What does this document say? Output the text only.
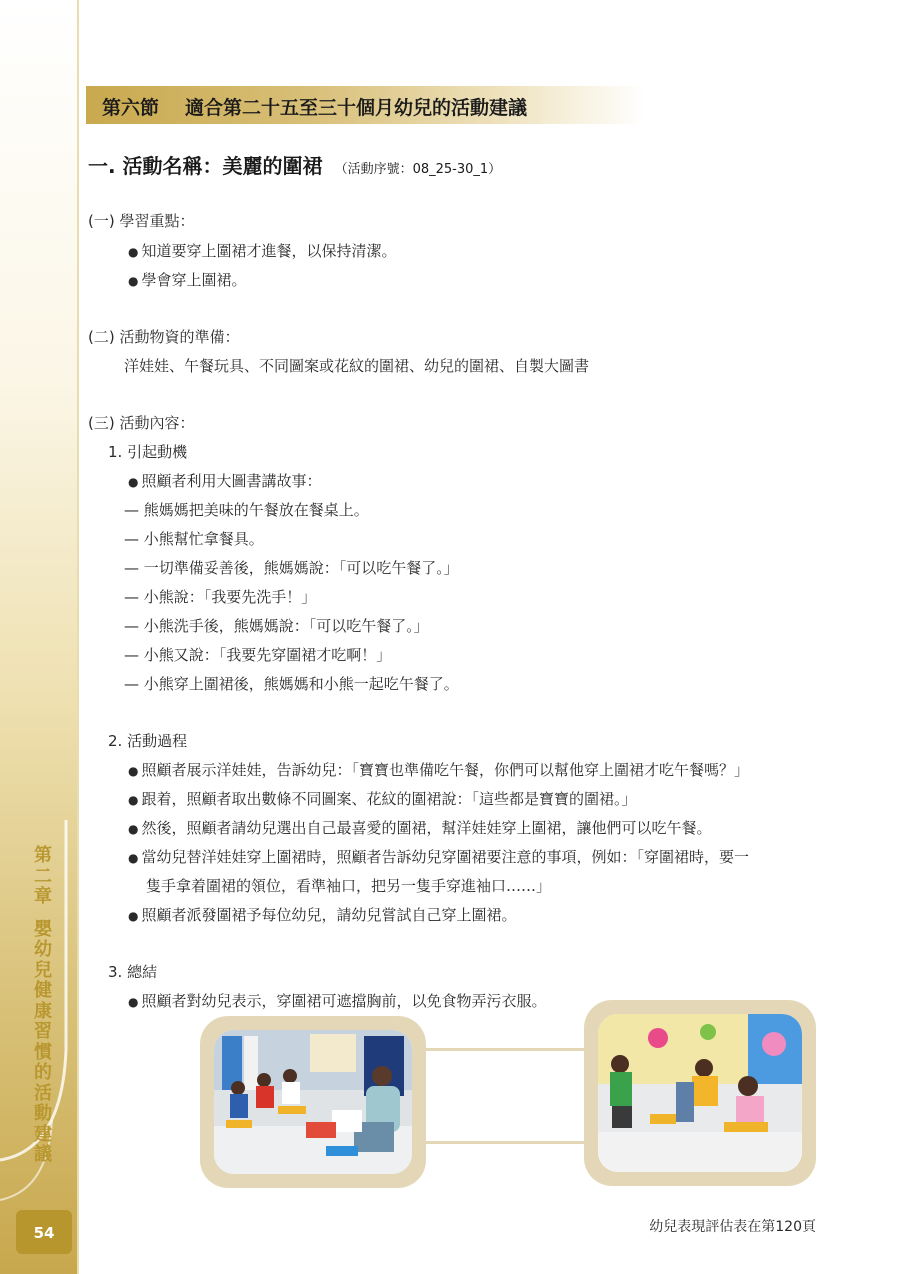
第
二
章
嬰
幼
兒
健
康
習
慣
的
活
動
建
議
54
第六節 適合第二十五至三十個月幼兒的活動建議
一. 活動名稱：美麗的圍裙 （活動序號：08_25-30_1）
(一) 學習重點：
● 知道要穿上圍裙才進餐，以保持清潔。
● 學會穿上圍裙。
(二) 活動物資的準備：
洋娃娃、午餐玩具、不同圖案或花紋的圍裙、幼兒的圍裙、自製大圖書
(三) 活動內容：
1. 引起動機
● 照顧者利用大圖書講故事：
— 熊媽媽把美味的午餐放在餐桌上。
— 小熊幫忙拿餐具。
— 一切準備妥善後，熊媽媽說：「可以吃午餐了。」
— 小熊說：「我要先洗手！」
— 小熊洗手後，熊媽媽說：「可以吃午餐了。」
— 小熊又說：「我要先穿圍裙才吃啊！」
— 小熊穿上圍裙後，熊媽媽和小熊一起吃午餐了。
2. 活動過程
● 照顧者展示洋娃娃，告訴幼兒：「寶寶也準備吃午餐，你們可以幫他穿上圍裙才吃午餐嗎？」
● 跟着，照顧者取出數條不同圖案、花紋的圍裙說：「這些都是寶寶的圍裙。」
● 然後，照顧者請幼兒選出自己最喜愛的圍裙，幫洋娃娃穿上圍裙，讓他們可以吃午餐。
● 當幼兒替洋娃娃穿上圍裙時，照顧者告訴幼兒穿圍裙要注意的事項，例如：「穿圍裙時，要一
隻手拿着圍裙的領位，看準袖口，把另一隻手穿進袖口……」
● 照顧者派發圍裙予每位幼兒，請幼兒嘗試自己穿上圍裙。
3. 總結
● 照顧者對幼兒表示，穿圍裙可遮擋胸前，以免食物弄污衣服。
幼兒表現評估表在第120頁
